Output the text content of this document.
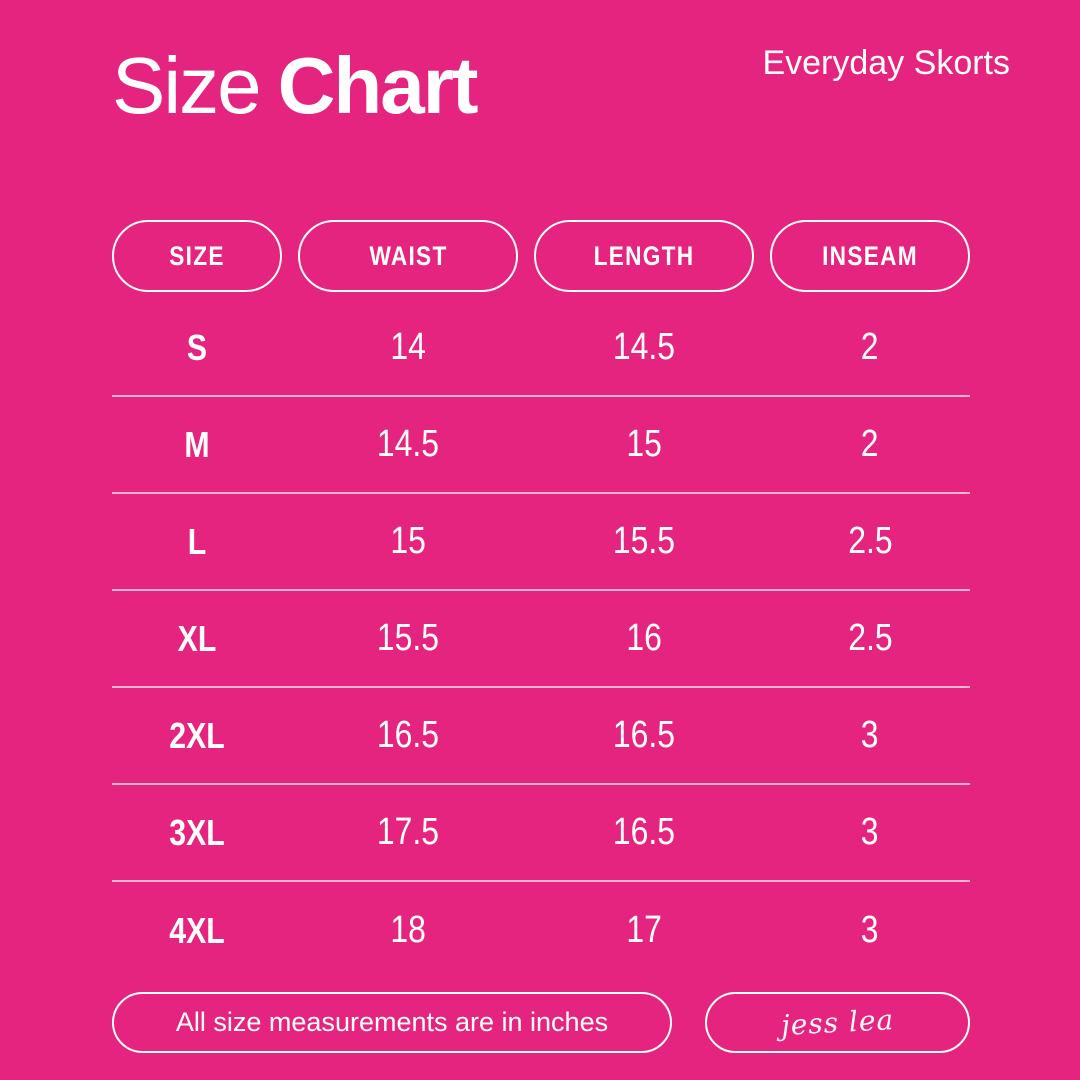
Size Chart	Everyday Skorts
SIZE	WAIST	LENGTH	INSEAM
S	14	14.5	2
M	14.5	15	2
L	15	15.5	2.5
XL	15.5	16	2.5
2XL	16.5	16.5	3
3XL	17.5	16.5	3
4XL	18	17	3
All size measurements are in inches	jess lea
